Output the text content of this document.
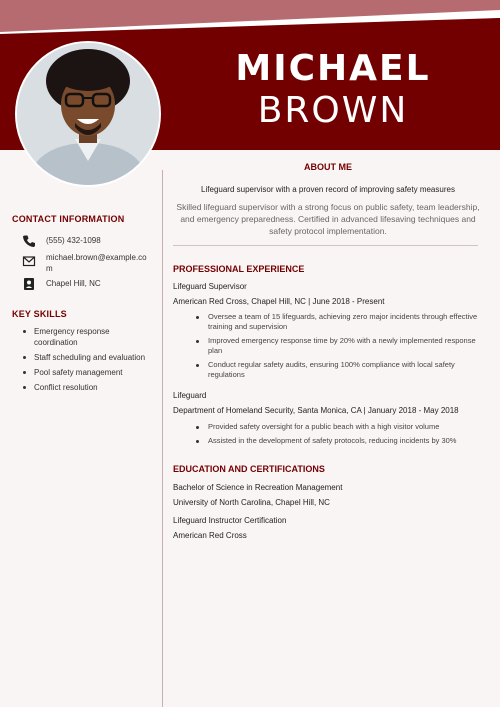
MICHAEL
BROWN
CONTACT INFORMATION
(555) 432-1098
michael.brown@example.com
Chapel Hill, NC
KEY SKILLS
Emergency response coordination
Staff scheduling and evaluation
Pool safety management
Conflict resolution
ABOUT ME
Lifeguard supervisor with a proven record of improving safety measures
Skilled lifeguard supervisor with a strong focus on public safety, team leadership, and emergency preparedness. Certified in advanced lifesaving techniques and safety protocol implementation.
PROFESSIONAL EXPERIENCE
Lifeguard Supervisor
American Red Cross, Chapel Hill, NC | June 2018 - Present
Oversee a team of 15 lifeguards, achieving zero major incidents through effective training and supervision
Improved emergency response time by 20% with a newly implemented response plan
Conduct regular safety audits, ensuring 100% compliance with local safety regulations
Lifeguard
Department of Homeland Security, Santa Monica, CA | January 2018 - May 2018
Provided safety oversight for a public beach with a high visitor volume
Assisted in the development of safety protocols, reducing incidents by 30%
EDUCATION AND CERTIFICATIONS
Bachelor of Science in Recreation Management
University of North Carolina, Chapel Hill, NC
Lifeguard Instructor Certification
American Red Cross
